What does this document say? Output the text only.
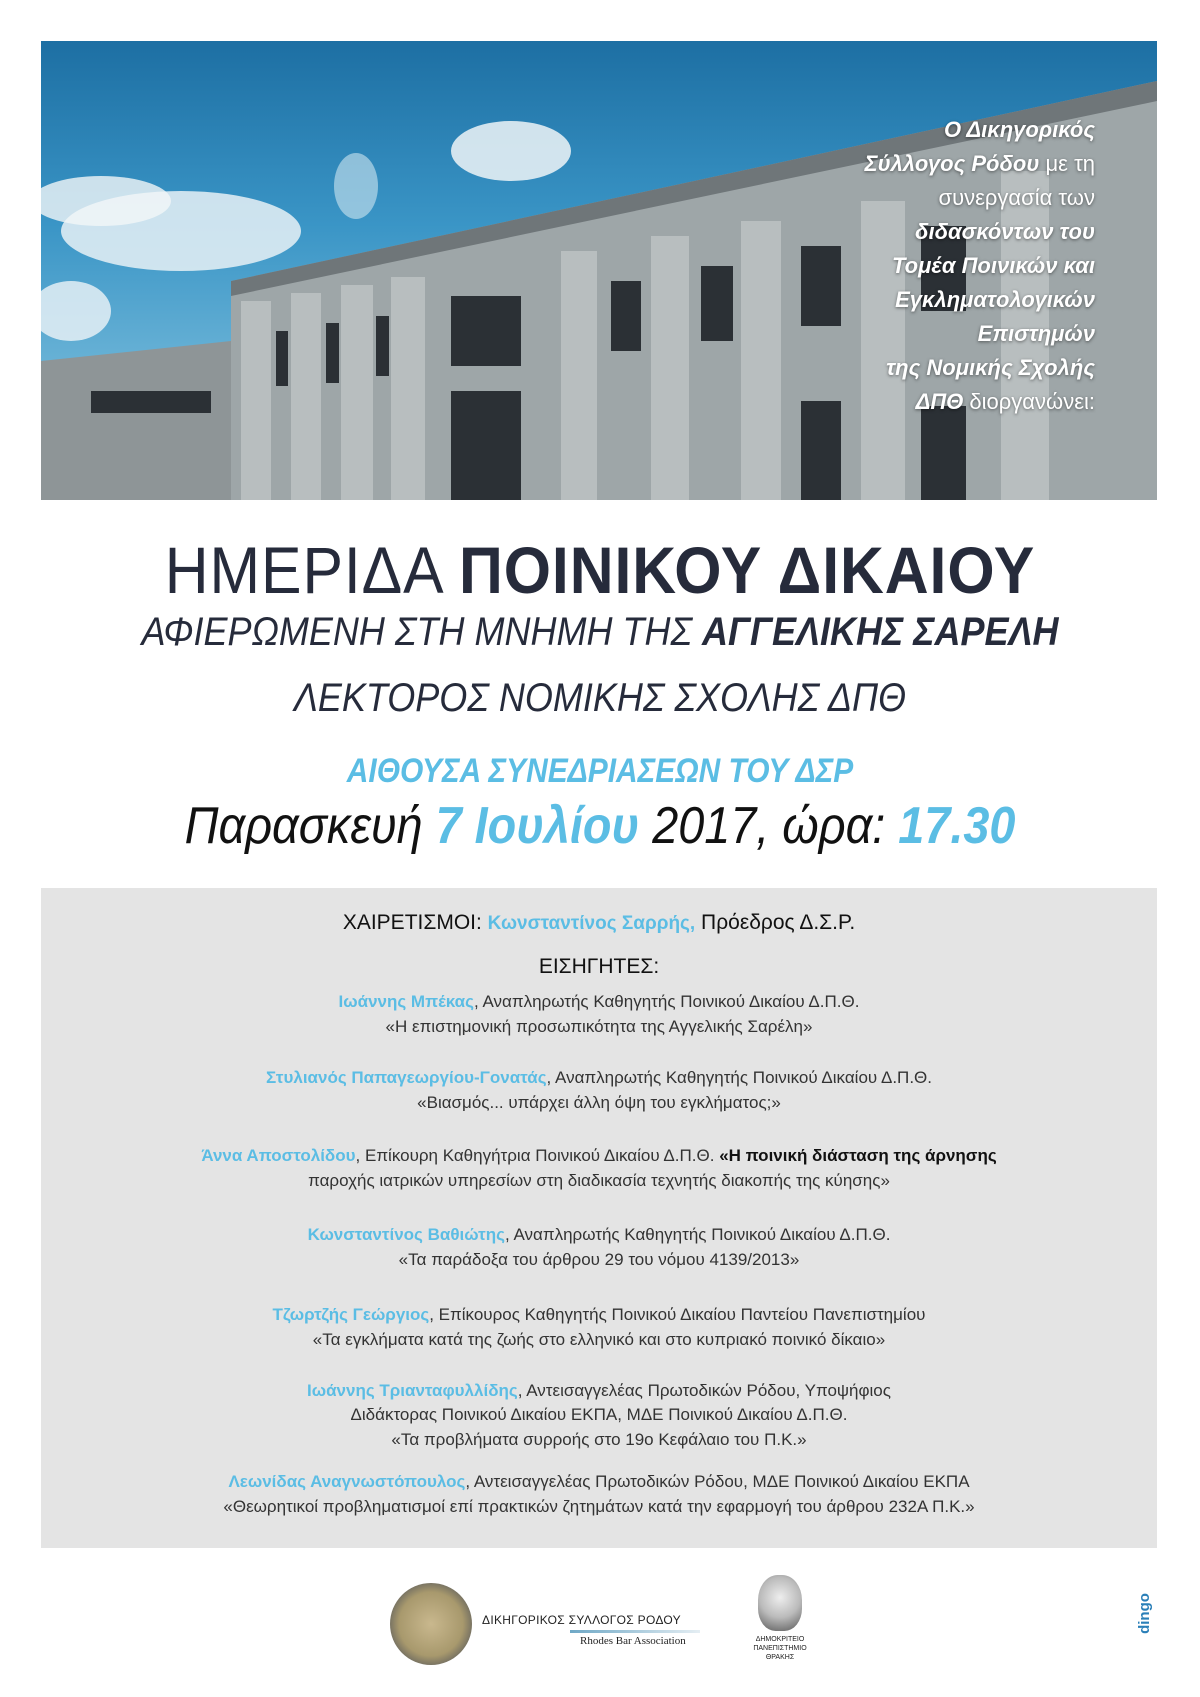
Ο Δικηγορικός
Σύλλογος Ρόδου με τη
συνεργασία των
διδασκόντων του
Τομέα Ποινικών και
Εγκληματολογικών
Επιστημών
της Νομικής Σχολής
ΔΠΘ διοργανώνει:
ΗΜΕΡΙΔΑ ΠΟΙΝΙΚΟΥ ΔΙΚΑΙΟΥ
ΑΦΙΕΡΩΜΕΝΗ ΣΤΗ ΜΝΗΜΗ ΤΗΣ ΑΓΓΕΛΙΚΗΣ ΣΑΡΕΛΗ
ΛΕΚΤΟΡΟΣ ΝΟΜΙΚΗΣ ΣΧΟΛΗΣ ΔΠΘ
ΑΙΘΟΥΣΑ ΣΥΝΕΔΡΙΑΣΕΩΝ ΤΟΥ ΔΣΡ
Παρασκευή 7 Ιουλίου 2017, ώρα: 17.30
ΧΑΙΡΕΤΙΣΜΟΙ: Κωνσταντίνος Σαρρής, Πρόεδρος Δ.Σ.Ρ.
ΕΙΣΗΓΗΤΕΣ:
Ιωάννης Μπέκας, Αναπληρωτής Καθηγητής Ποινικού Δικαίου Δ.Π.Θ.
«Η επιστημονική προσωπικότητα της Αγγελικής Σαρέλη»
Στυλιανός Παπαγεωργίου-Γονατάς, Αναπληρωτής Καθηγητής Ποινικού Δικαίου Δ.Π.Θ.
«Βιασμός... υπάρχει άλλη όψη του εγκλήματος;»
Άννα Αποστολίδου, Επίκουρη Καθηγήτρια Ποινικού Δικαίου Δ.Π.Θ. «Η ποινική διάσταση της άρνησης
παροχής ιατρικών υπηρεσίων στη διαδικασία τεχνητής διακοπής της κύησης»
Κωνσταντίνος Βαθιώτης, Αναπληρωτής Καθηγητής Ποινικού Δικαίου Δ.Π.Θ.
«Τα παράδοξα του άρθρου 29 του νόμου 4139/2013»
Τζωρτζής Γεώργιος, Επίκουρος Καθηγητής Ποινικού Δικαίου Παντείου Πανεπιστημίου
«Τα εγκλήματα κατά της ζωής στο ελληνικό και στο κυπριακό ποινικό δίκαιο»
Ιωάννης Τριανταφυλλίδης, Αντεισαγγελέας Πρωτοδικών Ρόδου, Υποψήφιος
Διδάκτορας Ποινικού Δικαίου ΕΚΠΑ, ΜΔΕ Ποινικού Δικαίου Δ.Π.Θ.
«Τα προβλήματα συρροής στο 19ο Κεφάλαιο του Π.Κ.»
Λεωνίδας Αναγνωστόπουλος, Αντεισαγγελέας Πρωτοδικών Ρόδου, ΜΔΕ Ποινικού Δικαίου ΕΚΠΑ
«Θεωρητικοί προβληματισμοί επί πρακτικών ζητημάτων κατά την εφαρμογή του άρθρου 232Α Π.Κ.»
ΔΙΚΗΓΟΡΙΚΟΣ ΣΥΛΛΟΓΟΣ ΡΟΔΟΥ
Rhodes Bar Association	ΔΗΜΟΚΡΙΤΕΙΟ
ΠΑΝΕΠΙΣΤΗΜΙΟ
ΘΡΑΚΗΣ
dingo
